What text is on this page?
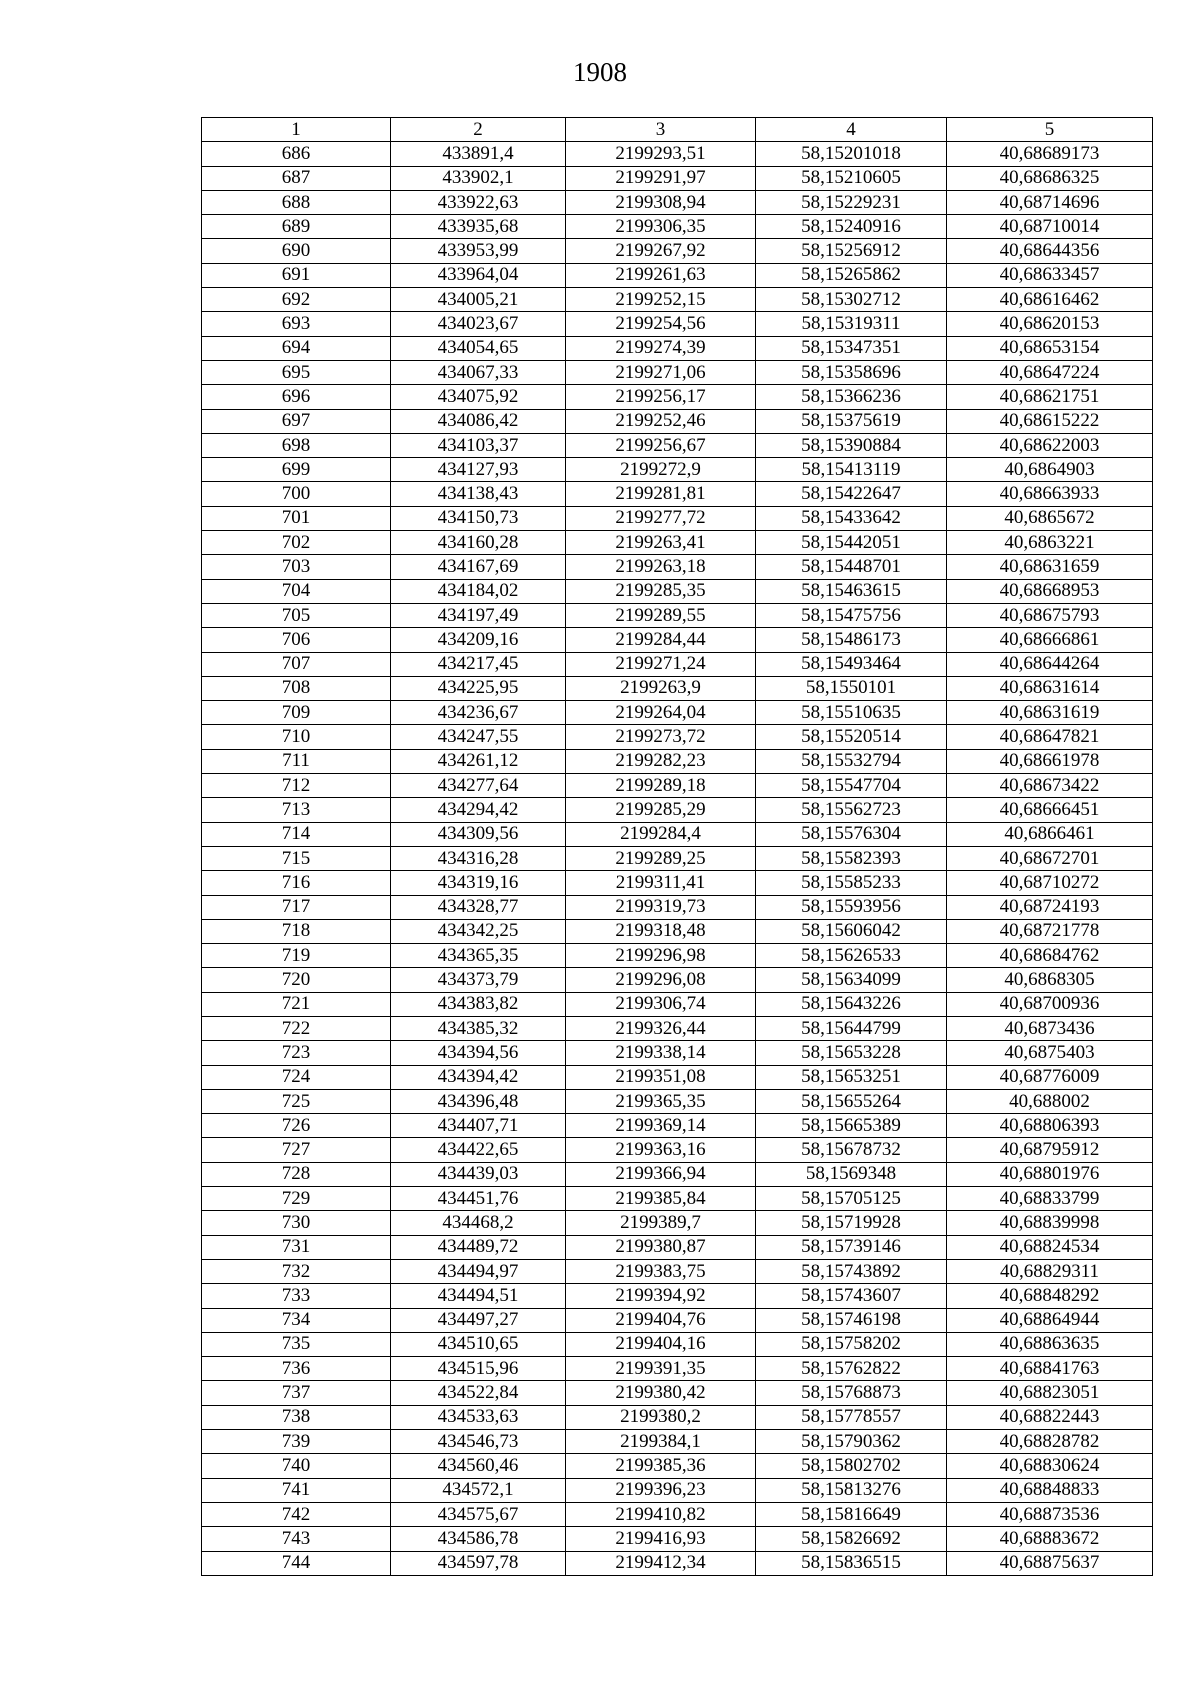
1908
1	2	3	4	5
686	433891,4	2199293,51	58,15201018	40,68689173
687	433902,1	2199291,97	58,15210605	40,68686325
688	433922,63	2199308,94	58,15229231	40,68714696
689	433935,68	2199306,35	58,15240916	40,68710014
690	433953,99	2199267,92	58,15256912	40,68644356
691	433964,04	2199261,63	58,15265862	40,68633457
692	434005,21	2199252,15	58,15302712	40,68616462
693	434023,67	2199254,56	58,15319311	40,68620153
694	434054,65	2199274,39	58,15347351	40,68653154
695	434067,33	2199271,06	58,15358696	40,68647224
696	434075,92	2199256,17	58,15366236	40,68621751
697	434086,42	2199252,46	58,15375619	40,68615222
698	434103,37	2199256,67	58,15390884	40,68622003
699	434127,93	2199272,9	58,15413119	40,6864903
700	434138,43	2199281,81	58,15422647	40,68663933
701	434150,73	2199277,72	58,15433642	40,6865672
702	434160,28	2199263,41	58,15442051	40,6863221
703	434167,69	2199263,18	58,15448701	40,68631659
704	434184,02	2199285,35	58,15463615	40,68668953
705	434197,49	2199289,55	58,15475756	40,68675793
706	434209,16	2199284,44	58,15486173	40,68666861
707	434217,45	2199271,24	58,15493464	40,68644264
708	434225,95	2199263,9	58,1550101	40,68631614
709	434236,67	2199264,04	58,15510635	40,68631619
710	434247,55	2199273,72	58,15520514	40,68647821
711	434261,12	2199282,23	58,15532794	40,68661978
712	434277,64	2199289,18	58,15547704	40,68673422
713	434294,42	2199285,29	58,15562723	40,68666451
714	434309,56	2199284,4	58,15576304	40,6866461
715	434316,28	2199289,25	58,15582393	40,68672701
716	434319,16	2199311,41	58,15585233	40,68710272
717	434328,77	2199319,73	58,15593956	40,68724193
718	434342,25	2199318,48	58,15606042	40,68721778
719	434365,35	2199296,98	58,15626533	40,68684762
720	434373,79	2199296,08	58,15634099	40,6868305
721	434383,82	2199306,74	58,15643226	40,68700936
722	434385,32	2199326,44	58,15644799	40,6873436
723	434394,56	2199338,14	58,15653228	40,6875403
724	434394,42	2199351,08	58,15653251	40,68776009
725	434396,48	2199365,35	58,15655264	40,688002
726	434407,71	2199369,14	58,15665389	40,68806393
727	434422,65	2199363,16	58,15678732	40,68795912
728	434439,03	2199366,94	58,1569348	40,68801976
729	434451,76	2199385,84	58,15705125	40,68833799
730	434468,2	2199389,7	58,15719928	40,68839998
731	434489,72	2199380,87	58,15739146	40,68824534
732	434494,97	2199383,75	58,15743892	40,68829311
733	434494,51	2199394,92	58,15743607	40,68848292
734	434497,27	2199404,76	58,15746198	40,68864944
735	434510,65	2199404,16	58,15758202	40,68863635
736	434515,96	2199391,35	58,15762822	40,68841763
737	434522,84	2199380,42	58,15768873	40,68823051
738	434533,63	2199380,2	58,15778557	40,68822443
739	434546,73	2199384,1	58,15790362	40,68828782
740	434560,46	2199385,36	58,15802702	40,68830624
741	434572,1	2199396,23	58,15813276	40,68848833
742	434575,67	2199410,82	58,15816649	40,68873536
743	434586,78	2199416,93	58,15826692	40,68883672
744	434597,78	2199412,34	58,15836515	40,68875637
